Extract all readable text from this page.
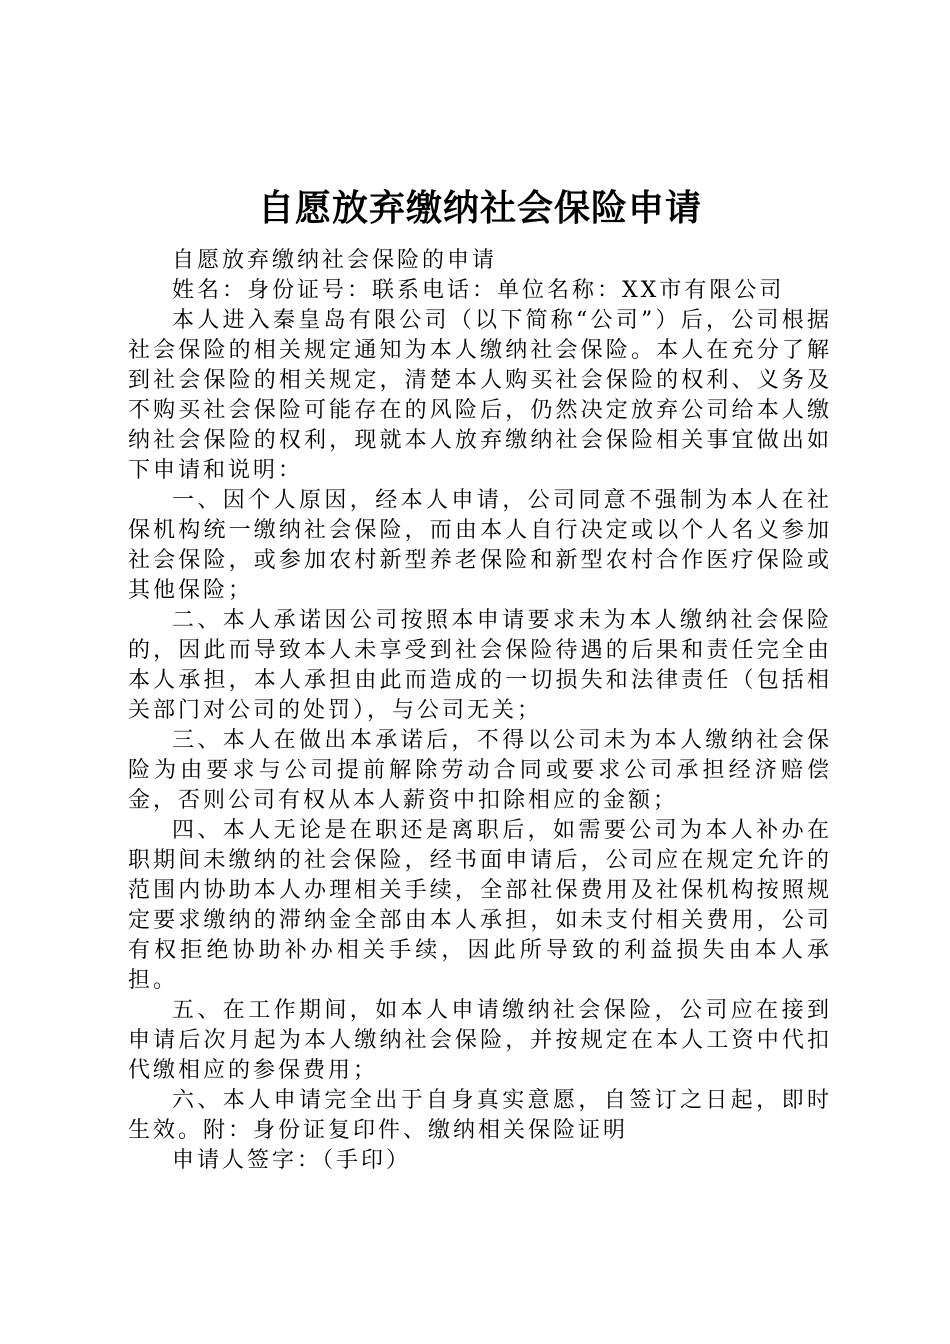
自愿放弃缴纳社会保险申请

自愿放弃缴纳社会保险的申请

姓名：身份证号：联系电话：单位名称：XX市有限公司

本人进入秦皇岛有限公司（以下简称“公司”）后，公司根据社会保险的相关规定通知为本人缴纳社会保险。本人在充分了解到社会保险的相关规定，清楚本人购买社会保险的权利、义务及不购买社会保险可能存在的风险后，仍然决定放弃公司给本人缴纳社会保险的权利，现就本人放弃缴纳社会保险相关事宜做出如下申请和说明：

一、因个人原因，经本人申请，公司同意不强制为本人在社保机构统一缴纳社会保险，而由本人自行决定或以个人名义参加社会保险，或参加农村新型养老保险和新型农村合作医疗保险或其他保险；

二、本人承诺因公司按照本申请要求未为本人缴纳社会保险的，因此而导致本人未享受到社会保险待遇的后果和责任完全由本人承担，本人承担由此而造成的一切损失和法律责任（包括相关部门对公司的处罚），与公司无关；

三、本人在做出本承诺后，不得以公司未为本人缴纳社会保险为由要求与公司提前解除劳动合同或要求公司承担经济赔偿金，否则公司有权从本人薪资中扣除相应的金额；

四、本人无论是在职还是离职后，如需要公司为本人补办在职期间未缴纳的社会保险，经书面申请后，公司应在规定允许的范围内协助本人办理相关手续，全部社保费用及社保机构按照规定要求缴纳的滞纳金全部由本人承担，如未支付相关费用，公司有权拒绝协助补办相关手续，因此所导致的利益损失由本人承担。

五、在工作期间，如本人申请缴纳社会保险，公司应在接到申请后次月起为本人缴纳社会保险，并按规定在本人工资中代扣代缴相应的参保费用；

六、本人申请完全出于自身真实意愿，自签订之日起，即时生效。附：身份证复印件、缴纳相关保险证明

申请人签字：（手印）
